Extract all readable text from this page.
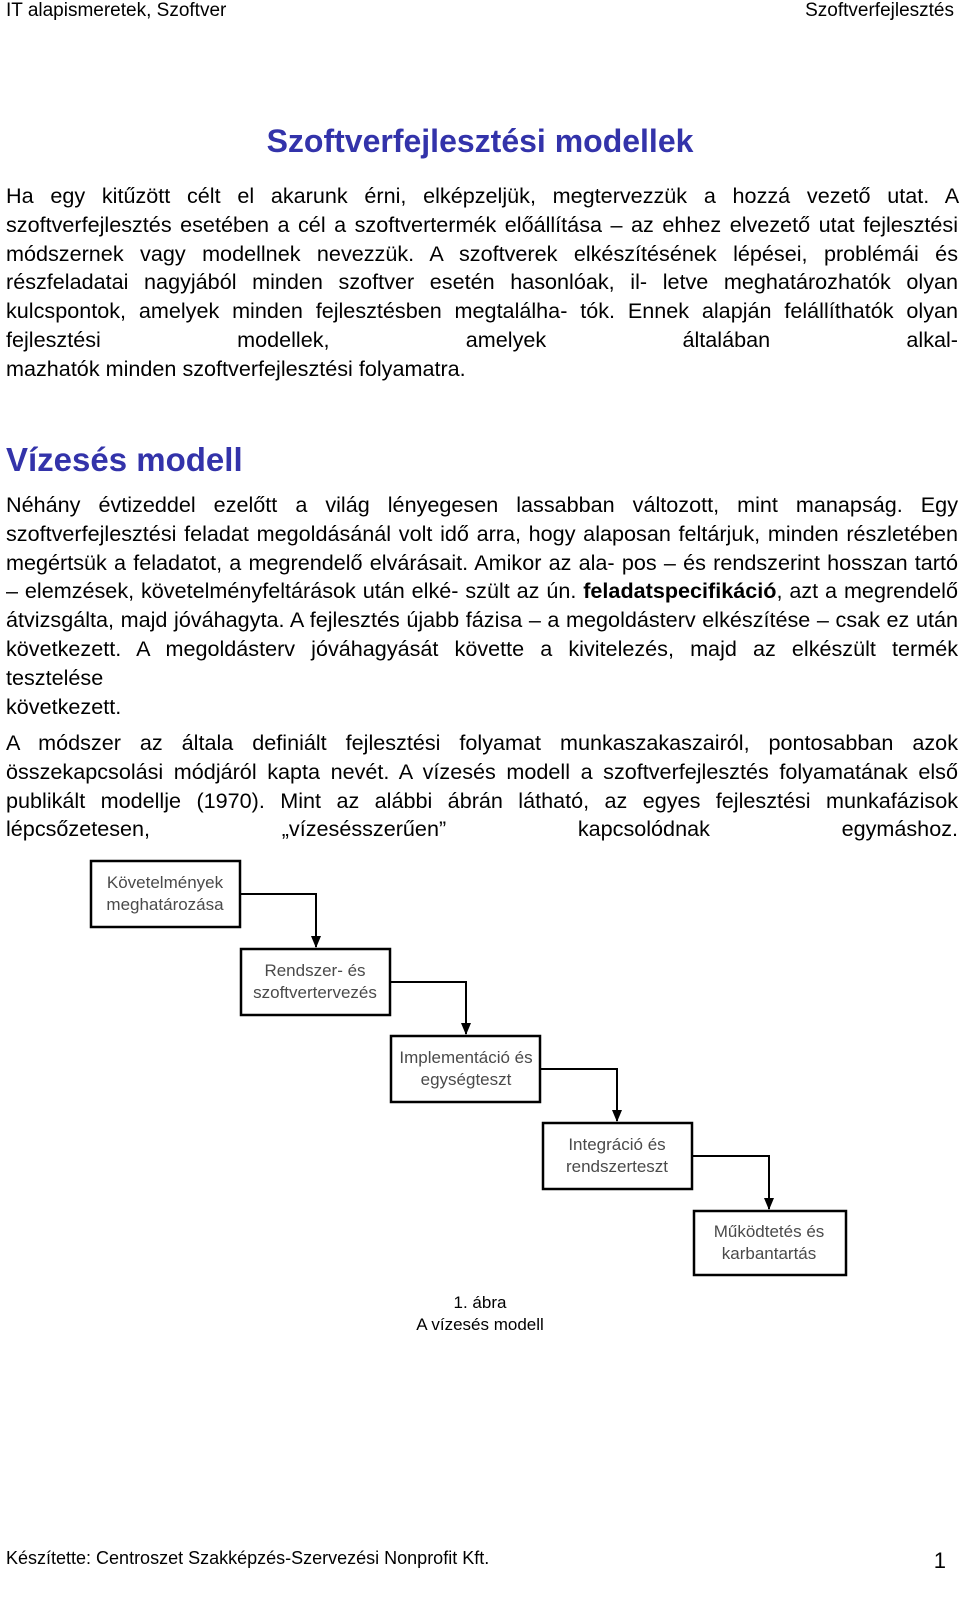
IT alapismeretek, Szoftver	Szoftverfejlesztés
Szoftverfejlesztési modellek

Ha egy kitűzött célt el akarunk érni, elképzeljük, megtervezzük a hozzá vezető utat. A szoftverfejlesztés esetében a cél a szoftvertermék előállítása – az ehhez elvezető utat fejlesztési módszernek vagy modellnek nevezzük. A szoftverek elkészítésének lépései, problémái és részfeladatai nagyjából minden szoftver esetén hasonlóak, il- letve meghatározhatók olyan kulcspontok, amelyek minden fejlesztésben megtalálha- tók. Ennek alapján felállíthatók olyan fejlesztési modellek, amelyek általában alkal-
mazhatók minden szoftverfejlesztési folyamatra.

Vízesés modell

Néhány évtizeddel ezelőtt a világ lényegesen lassabban változott, mint manapság. Egy szoftverfejlesztési feladat megoldásánál volt idő arra, hogy alaposan feltárjuk, minden részletében megértsük a feladatot, a megrendelő elvárásait. Amikor az ala- pos – és rendszerint hosszan tartó – elemzések, követelményfeltárások után elké- szült az ún. feladatspecifikáció, azt a megrendelő átvizsgálta, majd jóváhagyta. A fejlesztés újabb fázisa – a megoldásterv elkészítése – csak ez után következett. A megoldásterv jóváhagyását követte a kivitelezés, majd az elkészült termék tesztelése
következett.

A módszer az általa definiált fejlesztési folyamat munkaszakaszairól, pontosabban azok összekapcsolási módjáról kapta nevét. A vízesés modell a szoftverfejlesztés folyamatának első publikált modellje (1970). Mint az alábbi ábrán látható, az egyes fejlesztési munkafázisok lépcsőzetesen, „vízesésszerűen” kapcsolódnak egymáshoz.

Követelmények
meghatározása
Rendszer- és
szoftvertervezés
Implementáció és
egységteszt
Integráció és
rendszerteszt
Működtetés és
karbantartás
1. ábra
A vízesés modell
Készítette: Centroszet Szakképzés-Szervezési Nonprofit Kft.	1
